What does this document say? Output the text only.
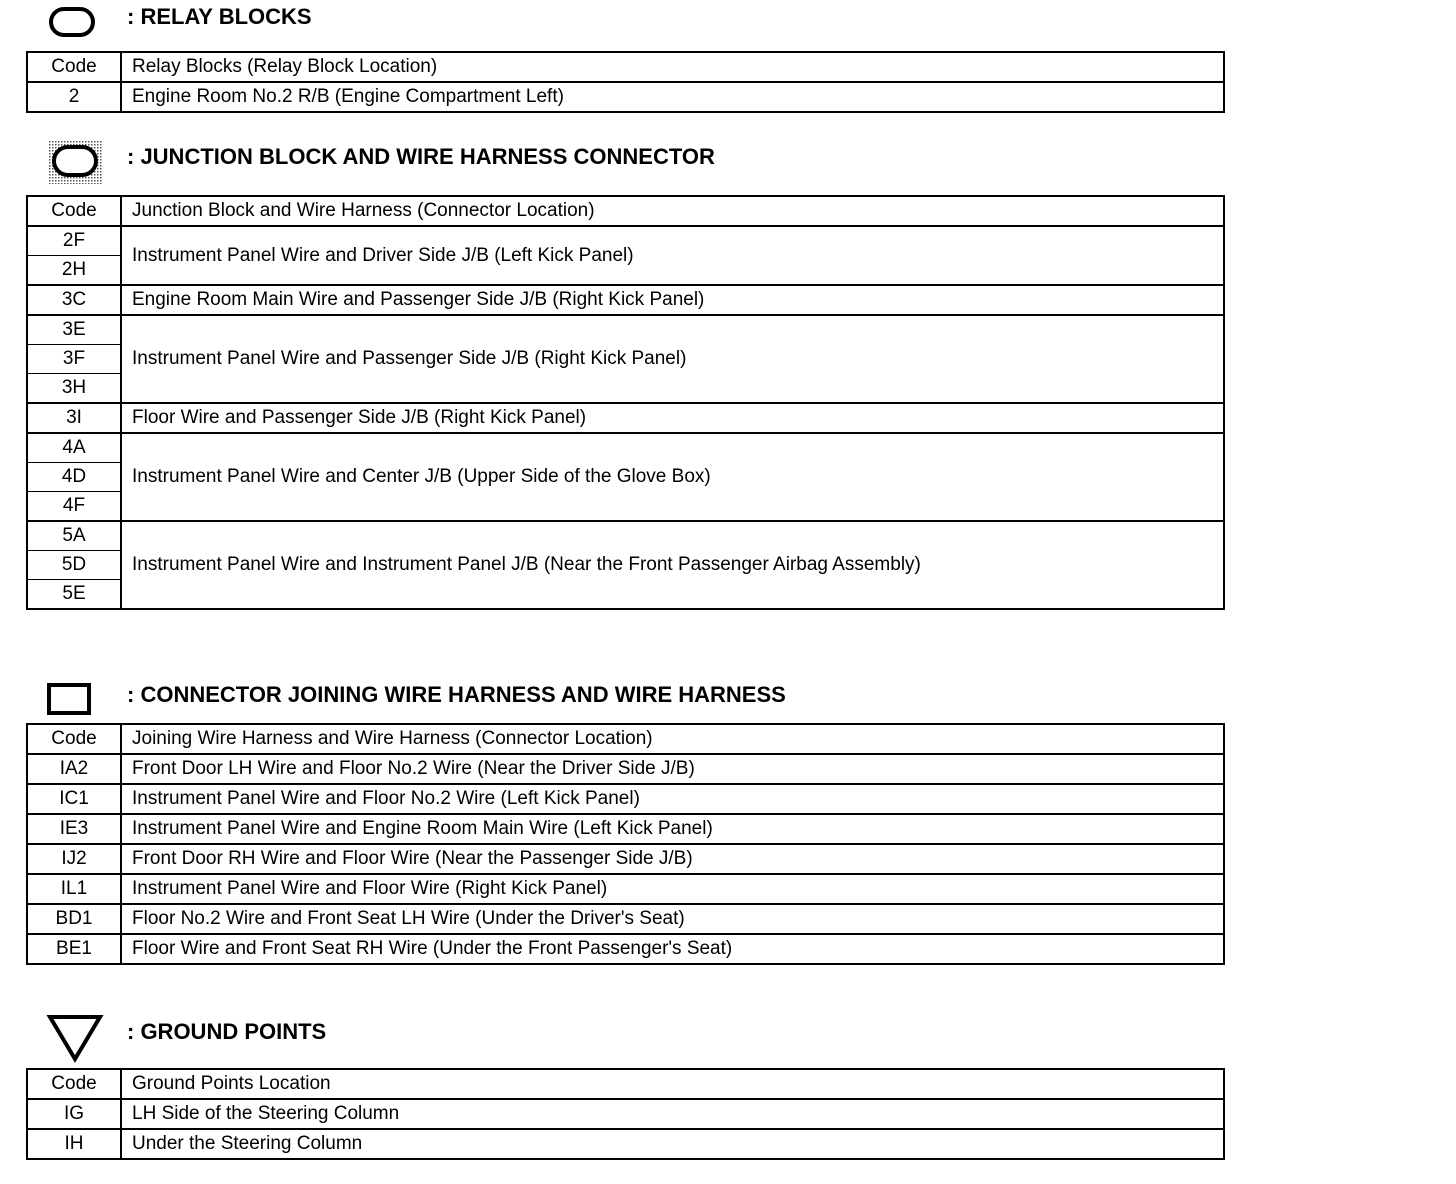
: RELAY BLOCKS
Code	Relay Blocks (Relay Block Location)
2	Engine Room No.2 R/B (Engine Compartment Left)
: JUNCTION BLOCK AND WIRE HARNESS CONNECTOR
Code	Junction Block and Wire Harness (Connector Location)
2F	Instrument Panel Wire and Driver Side J/B (Left Kick Panel)
2H	
3C	Engine Room Main Wire and Passenger Side J/B (Right Kick Panel)
3E	Instrument Panel Wire and Passenger Side J/B (Right Kick Panel)
3F	
3H	
3I	Floor Wire and Passenger Side J/B (Right Kick Panel)
4A	Instrument Panel Wire and Center J/B (Upper Side of the Glove Box)
4D	
4F	
5A	Instrument Panel Wire and Instrument Panel J/B (Near the Front Passenger Airbag Assembly)
5D	
5E	
: CONNECTOR JOINING WIRE HARNESS AND WIRE HARNESS
Code	Joining Wire Harness and Wire Harness (Connector Location)
IA2	Front Door LH Wire and Floor No.2 Wire (Near the Driver Side J/B)
IC1	Instrument Panel Wire and Floor No.2 Wire (Left Kick Panel)
IE3	Instrument Panel Wire and Engine Room Main Wire (Left Kick Panel)
IJ2	Front Door RH Wire and Floor Wire (Near the Passenger Side J/B)
IL1	Instrument Panel Wire and Floor Wire (Right Kick Panel)
BD1	Floor No.2 Wire and Front Seat LH Wire (Under the Driver's Seat)
BE1	Floor Wire and Front Seat RH Wire (Under the Front Passenger's Seat)
: GROUND POINTS
Code	Ground Points Location
IG	LH Side of the Steering Column
IH	Under the Steering Column
